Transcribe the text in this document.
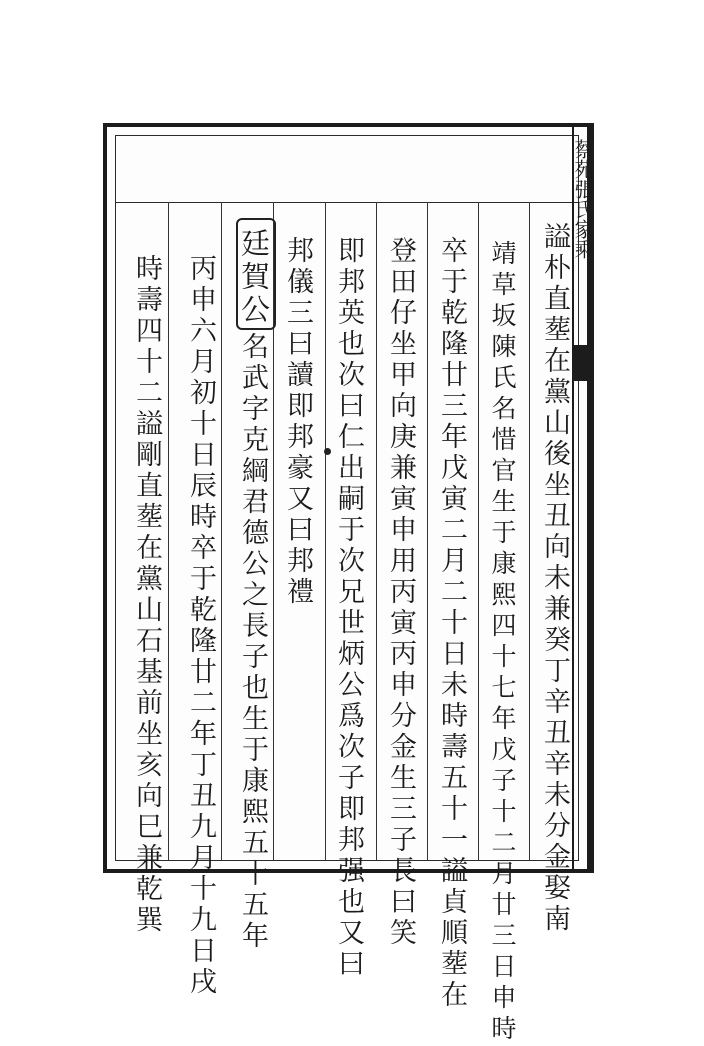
謚朴直塟在黨山後坐丑向未兼癸丁辛丑辛未分金娶南
靖草坂陳氏名惜官生于康熙四十七年戊子十二月廿三日申時
卒于乾隆廿三年戊寅二月二十日未時壽五十一謚貞順塟在
登田仔坐甲向庚兼寅申用丙寅丙申分金生三子長曰笑
即邦英也次曰仁出嗣于次兄世炳公爲次子即邦强也又曰
邦儀三曰讀即邦豪又曰邦禮
廷賀公
名武字克綱君德公之長子也生于康熙五十五年
丙申六月初十日辰時卒于乾隆廿二年丁丑九月十九日戌
時壽四十二謚剛直塟在黨山石基前坐亥向巳兼乾巽
蔡苑張氏家乘
